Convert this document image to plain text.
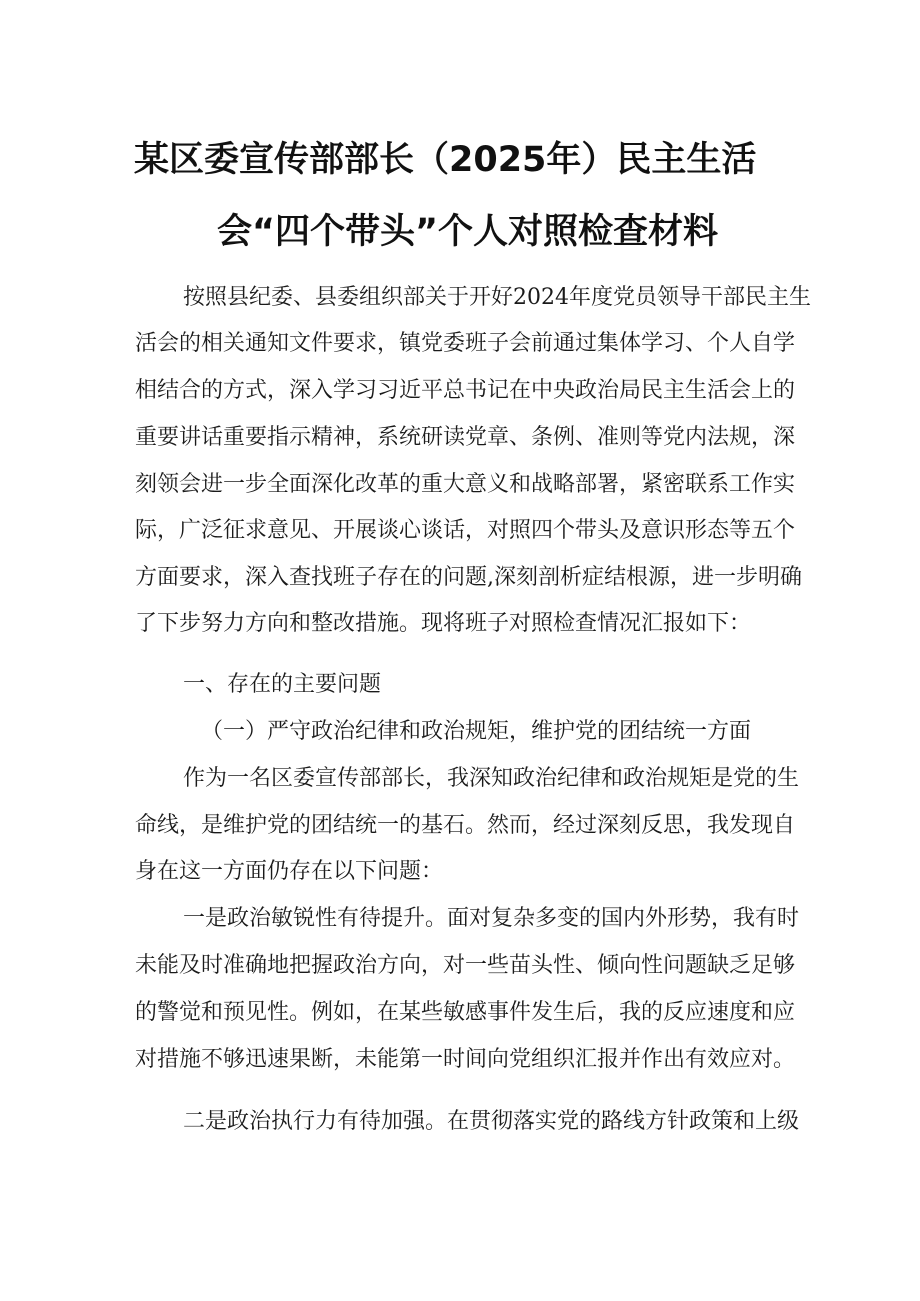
某区委宣传部部长（2025年）民主生活
会“四个带头”个人对照检查材料
按照县纪委、县委组织部关于开好2024年度党员领导干部民主生
活会的相关通知文件要求，镇党委班子会前通过集体学习、个人自学
相结合的方式，深入学习习近平总书记在中央政治局民主生活会上的
重要讲话重要指示精神，系统研读党章、条例、准则等党内法规，深
刻领会进一步全面深化改革的重大意义和战略部署，紧密联系工作实
际，广泛征求意见、开展谈心谈话，对照四个带头及意识形态等五个
方面要求，深入查找班子存在的问题,深刻剖析症结根源，进一步明确
了下步努力方向和整改措施。现将班子对照检查情况汇报如下：
一、存在的主要问题
（一）严守政治纪律和政治规矩，维护党的团结统一方面
作为一名区委宣传部部长，我深知政治纪律和政治规矩是党的生
命线，是维护党的团结统一的基石。然而，经过深刻反思，我发现自
身在这一方面仍存在以下问题：
一是政治敏锐性有待提升。面对复杂多变的国内外形势，我有时
未能及时准确地把握政治方向，对一些苗头性、倾向性问题缺乏足够
的警觉和预见性。例如，在某些敏感事件发生后，我的反应速度和应
对措施不够迅速果断，未能第一时间向党组织汇报并作出有效应对。
二是政治执行力有待加强。在贯彻落实党的路线方针政策和上级
